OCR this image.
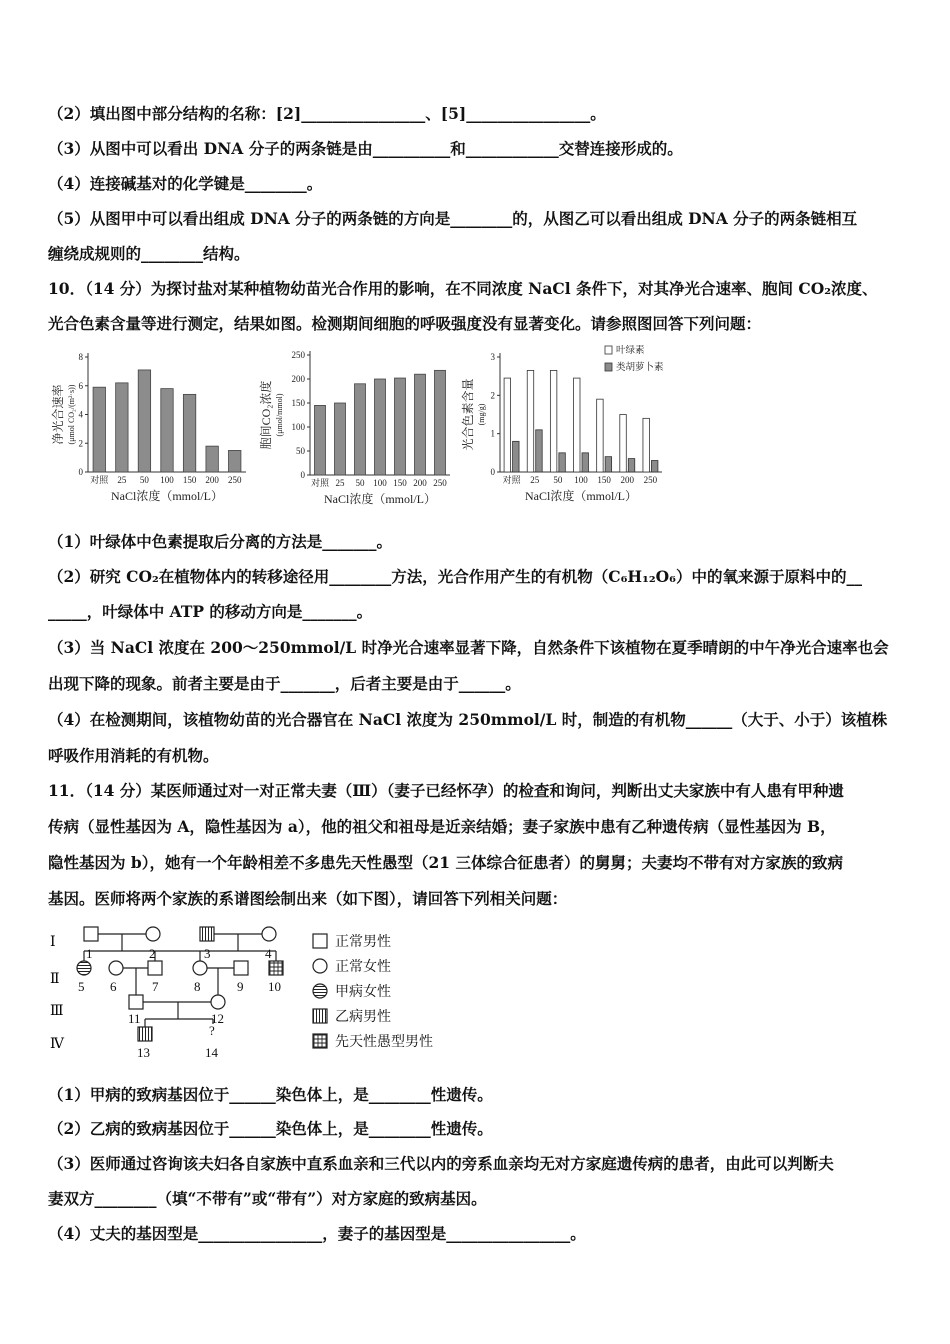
（2）填出图中部分结构的名称：[2]________________、[5]________________。
（3）从图中可以看出 DNA 分子的两条链是由__________和____________交替连接形成的。
（4）连接碱基对的化学键是________。
（5）从图甲中可以看出组成 DNA 分子的两条链的方向是________的，从图乙可以看出组成 DNA 分子的两条链相互
缠绕成规则的________结构。
10．（14 分）为探讨盐对某种植物幼苗光合作用的影响，在不同浓度 NaCl 条件下，对其净光合速率、胞间 CO₂浓度、
光合色素含量等进行测定，结果如图。检测期间细胞的呼吸强度没有显著变化。请参照图回答下列问题：
0
2
4
6
8
对照 25 50 100 150 200 250
NaCl浓度（mmol/L）
净光合速率 (μmol CO₂/(m²·s))
0
50
100
150
200
250
对照 25 50 100 150 200 250
NaCl浓度（mmol/L）
胞间CO₂浓度 (μmol/mmol)
0
1
2
3
对照 25 50 100 150 200 250
叶绿素
类胡萝卜素
NaCl浓度（mmol/L）
光合色素含量 (mg/g)
（1）叶绿体中色素提取后分离的方法是_______。
（2）研究 CO₂在植物体内的转移途径用________方法，光合作用产生的有机物（C₆H₁₂O₆）中的氧来源于原料中的__
_____，叶绿体中 ATP 的移动方向是_______。
（3）当 NaCl 浓度在 200～250mmol/L 时净光合速率显著下降，自然条件下该植物在夏季晴朗的中午净光合速率也会
出现下降的现象。前者主要是由于_______，后者主要是由于______。
（4）在检测期间，该植物幼苗的光合器官在 NaCl 浓度为 250mmol/L 时，制造的有机物______（大于、小于）该植株
呼吸作用消耗的有机物。
11．（14 分）某医师通过对一对正常夫妻（Ⅲ）（妻子已经怀孕）的检查和询问，判断出丈夫家族中有人患有甲种遗
传病（显性基因为 A，隐性基因为 a），他的祖父和祖母是近亲结婚；妻子家族中患有乙种遗传病（显性基因为 B，
隐性基因为 b），她有一个年龄相差不多患先天性愚型（21 三体综合征患者）的舅舅；夫妻均不带有对方家族的致病
基因。医师将两个家族的系谱图绘制出来（如下图），请回答下列相关问题：
Ⅰ
Ⅱ
Ⅲ
Ⅳ
1	2	3	4
5 6	7	8	9 10
11	12
13	14
?
正常男性
正常女性
甲病女性
乙病男性
先天性愚型男性
（1）甲病的致病基因位于______染色体上，是________性遗传。
（2）乙病的致病基因位于______染色体上，是________性遗传。
（3）医师通过咨询该夫妇各自家族中直系血亲和三代以内的旁系血亲均无对方家庭遗传病的患者，由此可以判断夫
妻双方________（填“不带有”或“带有”）对方家庭的致病基因。
（4）丈夫的基因型是________________，妻子的基因型是________________。
